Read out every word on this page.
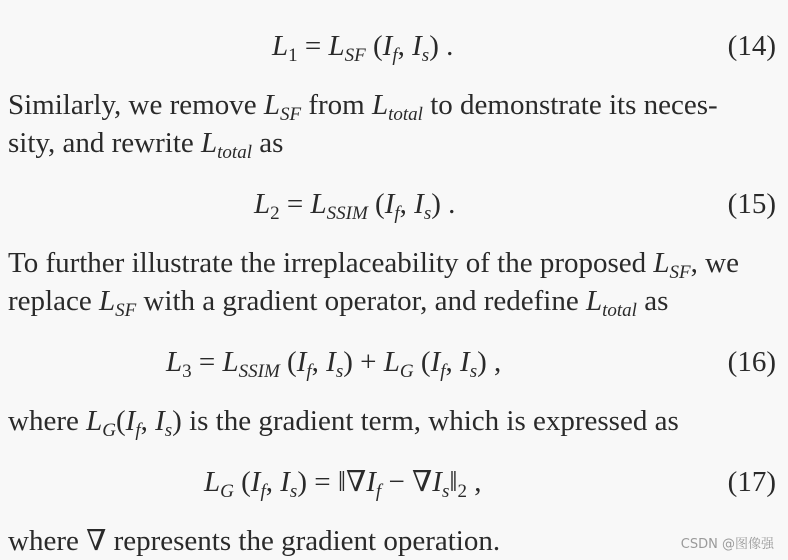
$L_1 = L_{SF}$ ($I_f$, $I_s$) .	(14)
Similarly, we remove $L_{SF}$ from $L_{total}$ to demonstrate its neces-
sity, and rewrite $L_{total}$ as
$L_2 = L_{SSIM}$ ($I_f$, $I_s$) .	(15)
To further illustrate the irreplaceability of the proposed $L_{SF}$, we
replace $L_{SF}$ with a gradient operator, and redefine $L_{total}$ as
$L_3 = L_{SSIM}$ ($I_f$, $I_s) + L_G$ ($I_f$, $I_s$) ,	(16)
where $L_G(I_f$, $I_s$) is the gradient term, which is expressed as
$L_G$ ($I_f$, $I_s$) = $‖\nabla I_f$ − $\nabla I_s‖_2$ ,	(17)
where ∇ represents the gradient operation.	CSDN @图像强
